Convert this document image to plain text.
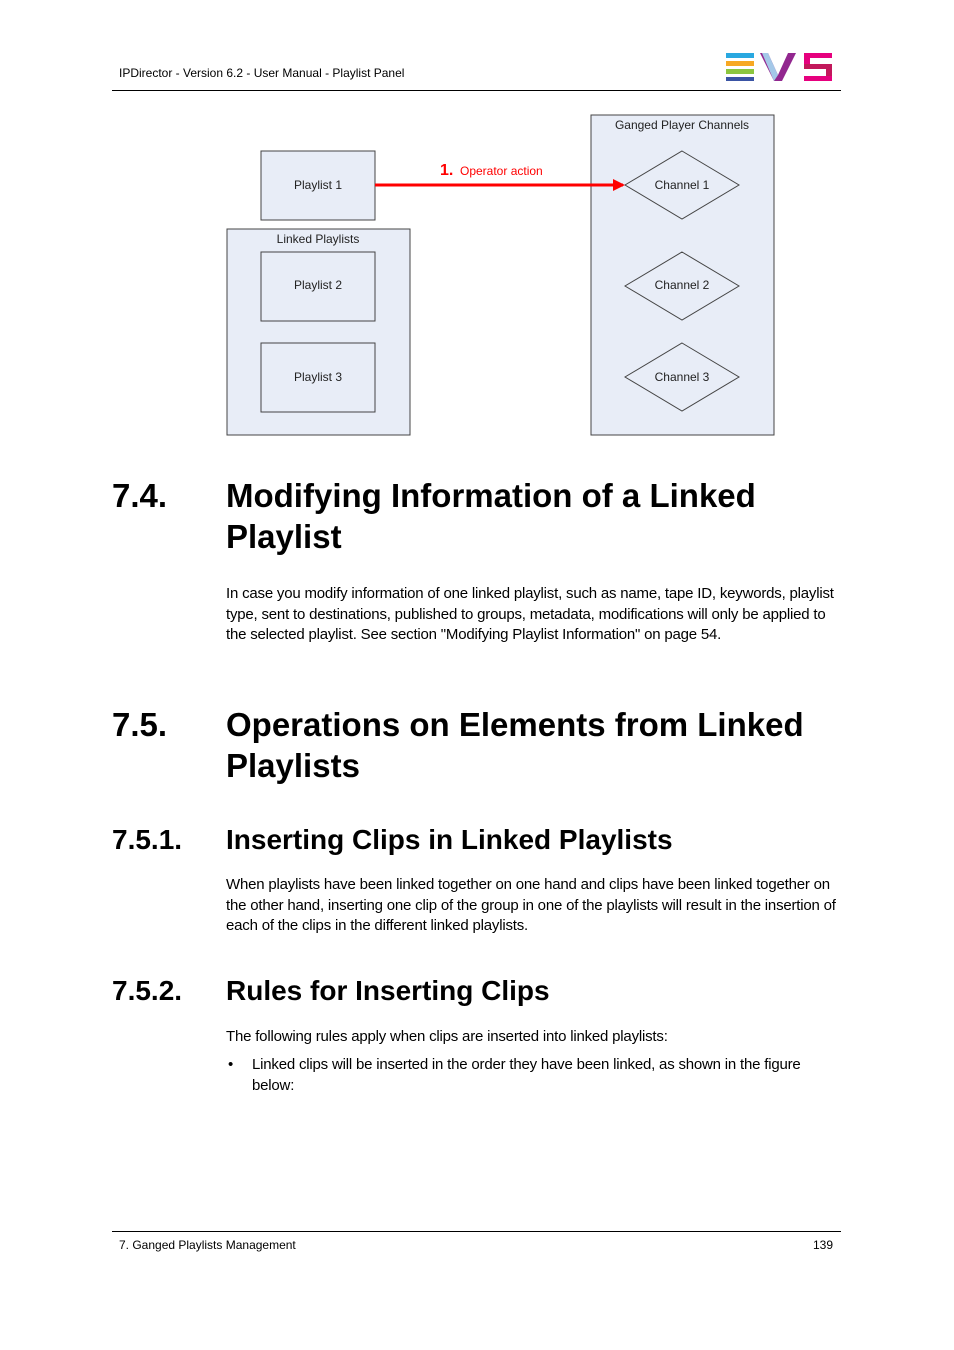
IPDirector - Version 6.2 - User Manual - Playlist Panel
Playlist 1
Linked Playlists
Playlist 2
Playlist 3
Ganged Player Channels
Channel 1
Channel 2
Channel 3
1. Operator action
7.4. Modifying Information of a Linked Playlist
In case you modify information of one linked playlist, such as name, tape ID, keywords, playlist type, sent to destinations, published to groups, metadata, modifications will only be applied to the selected playlist. See section "Modifying Playlist Information" on page 54.
7.5. Operations on Elements from Linked Playlists
7.5.1. Inserting Clips in Linked Playlists
When playlists have been linked together on one hand and clips have been linked together on the other hand, inserting one clip of the group in one of the playlists will result in the insertion of each of the clips in the different linked playlists.
7.5.2. Rules for Inserting Clips
The following rules apply when clips are inserted into linked playlists:
• Linked clips will be inserted in the order they have been linked, as shown in the figure below:
7. Ganged Playlists Management	139
